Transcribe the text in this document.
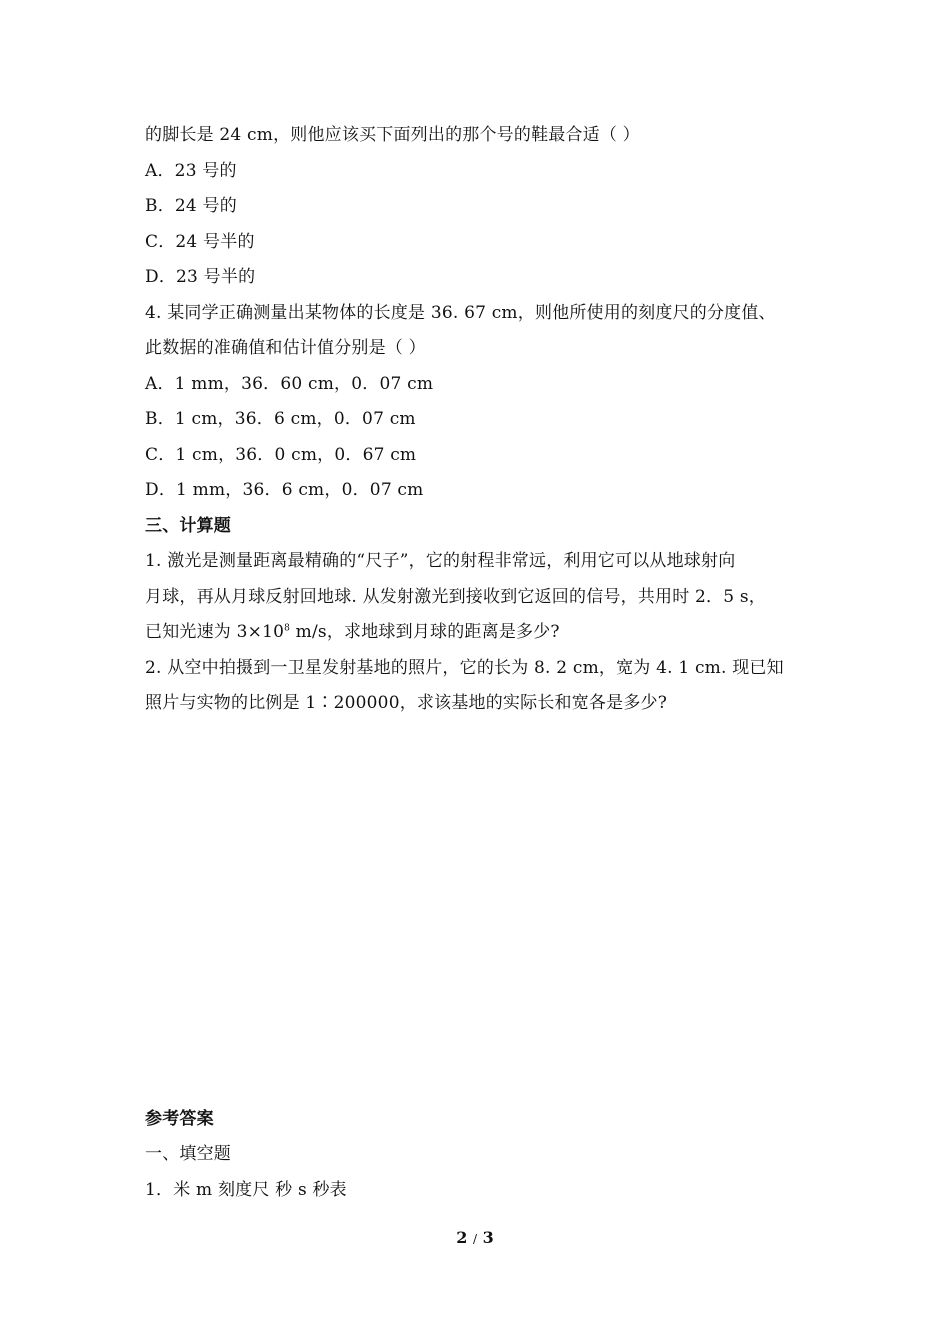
的脚长是 24 cm，则他应该买下面列出的那个号的鞋最合适（ ）
A．23 号的
B．24 号的
C．24 号半的
D．23 号半的
4. 某同学正确测量出某物体的长度是 36. 67 cm，则他所使用的刻度尺的分度值、
此数据的准确值和估计值分别是（ ）
A．1 mm，36．60 cm，0．07 cm
B．1 cm，36．6 cm，0．07 cm
C．1 cm，36．0 cm，0．67 cm
D．1 mm，36．6 cm，0．07 cm
三、计算题
1. 激光是测量距离最精确的“尺子”，它的射程非常远，利用它可以从地球射向
月球，再从月球反射回地球. 从发射激光到接收到它返回的信号，共用时 2．5 s，
已知光速为 $3\times 10^8$ m/s，求地球到月球的距离是多少?
2. 从空中拍摄到一卫星发射基地的照片，它的长为 8. 2 cm，宽为 4. 1 cm. 现已知
照片与实物的比例是 1∶200000，求该基地的实际长和宽各是多少?
参考答案
一、填空题
1．米 m 刻度尺 秒 s 秒表
2 / 3
